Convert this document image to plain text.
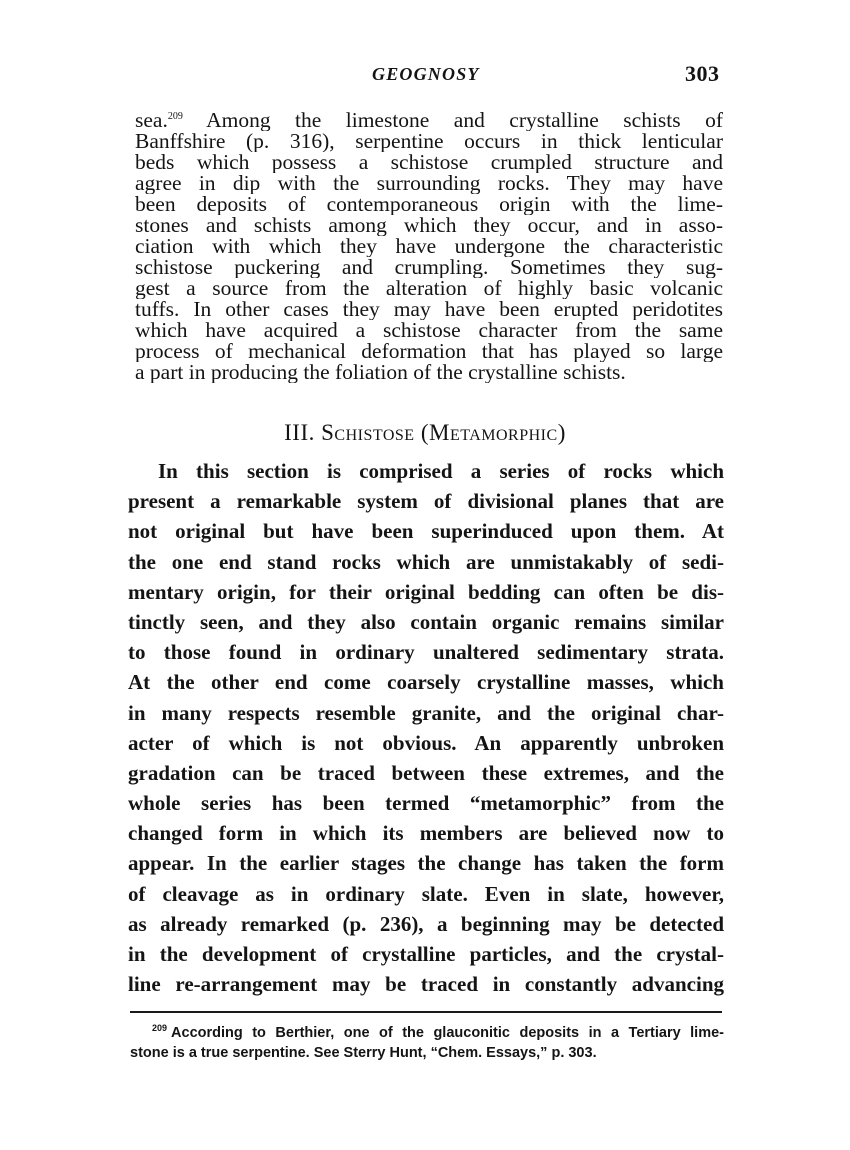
GEOGNOSY	303
sea.$^{209}$ Among the limestone and crystalline schists of
Banffshire (p. 316), serpentine occurs in thick lenticular
beds which possess a schistose crumpled structure and
agree in dip with the surrounding rocks. They may have
been deposits of contemporaneous origin with the lime-
stones and schists among which they occur, and in asso-
ciation with which they have undergone the characteristic
schistose puckering and crumpling. Sometimes they sug-
gest a source from the alteration of highly basic volcanic
tuffs. In other cases they may have been erupted peridotites
which have acquired a schistose character from the same
process of mechanical deformation that has played so large
a part in producing the foliation of the crystalline schists.
III. Schistose (Metamorphic)
In this section is comprised a series of rocks which
present a remarkable system of divisional planes that are
not original but have been superinduced upon them. At
the one end stand rocks which are unmistakably of sedi-
mentary origin, for their original bedding can often be dis-
tinctly seen, and they also contain organic remains similar
to those found in ordinary unaltered sedimentary strata.
At the other end come coarsely crystalline masses, which
in many respects resemble granite, and the original char-
acter of which is not obvious. An apparently unbroken
gradation can be traced between these extremes, and the
whole series has been termed “metamorphic” from the
changed form in which its members are believed now to
appear. In the earlier stages the change has taken the form
of cleavage as in ordinary slate. Even in slate, however,
as already remarked (p. 236), a beginning may be detected
in the development of crystalline particles, and the crystal-
line re-arrangement may be traced in constantly advancing
$^{209}$ According to Berthier, one of the glauconitic deposits in a Tertiary lime-
stone is a true serpentine. See Sterry Hunt, “Chem. Essays,” p. 303.
